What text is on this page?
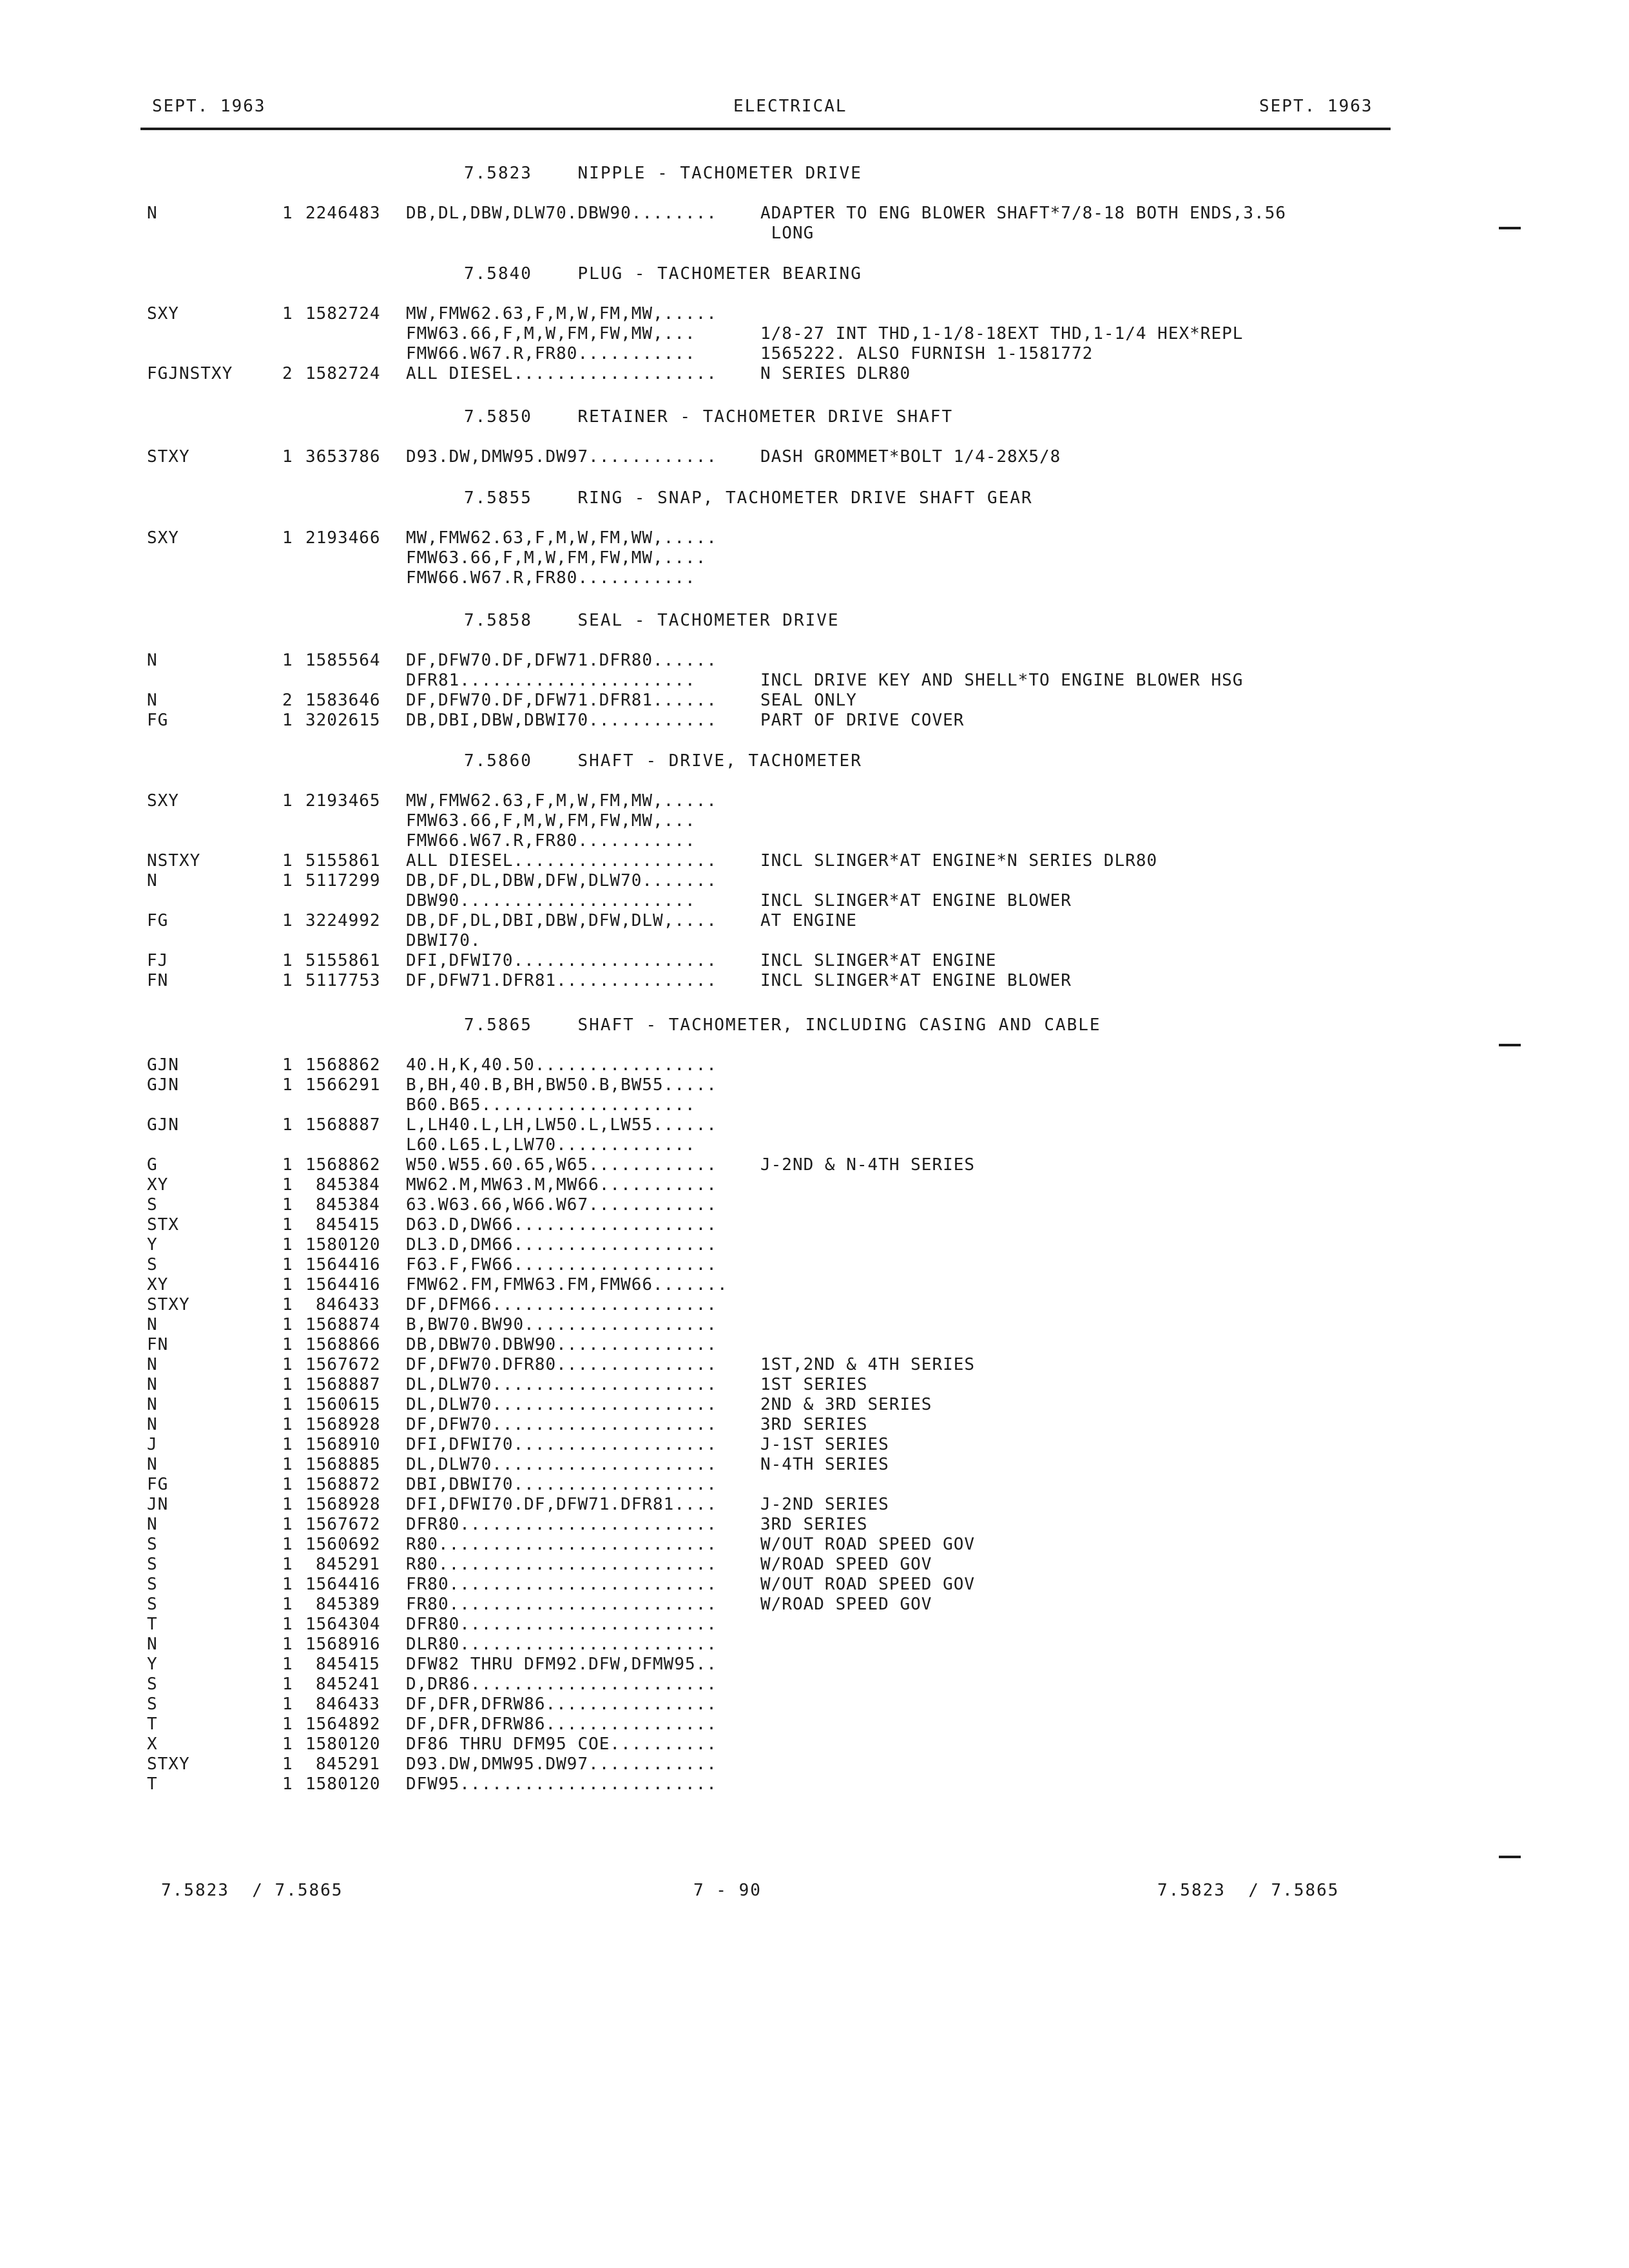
SEPT. 1963	ELECTRICAL	SEPT. 1963
7.5823    NIPPLE - TACHOMETER DRIVE
N	1 2246483 DB,DL,DBW,DLW70.DBW90........	ADAPTER TO ENG BLOWER SHAFT*7/8-18 BOTH ENDS,3.56
LONG
7.5840    PLUG - TACHOMETER BEARING
SXY	1 1582724 MW,FMW62.63,F,M,W,FM,MW,.....
FMW63.66,F,M,W,FM,FW,MW,...	1/8-27 INT THD,1-1/8-18EXT THD,1-1/4 HEX*REPL
FMW66.W67.R,FR80...........	1565222. ALSO FURNISH 1-1581772
FGJNSTXY	2 1582724 ALL DIESEL...................	N SERIES DLR80
7.5850    RETAINER - TACHOMETER DRIVE SHAFT
STXY	1 3653786 D93.DW,DMW95.DW97............	DASH GROMMET*BOLT 1/4-28X5/8
7.5855    RING - SNAP, TACHOMETER DRIVE SHAFT GEAR
SXY	1 2193466 MW,FMW62.63,F,M,W,FM,WW,.....
FMW63.66,F,M,W,FM,FW,MW,....
FMW66.W67.R,FR80...........
7.5858    SEAL - TACHOMETER DRIVE
N	1 1585564 DF,DFW70.DF,DFW71.DFR80......
DFR81......................	INCL DRIVE KEY AND SHELL*TO ENGINE BLOWER HSG
N	2 1583646 DF,DFW70.DF,DFW71.DFR81......	SEAL ONLY
FG	1 3202615 DB,DBI,DBW,DBWI70............	PART OF DRIVE COVER
7.5860    SHAFT - DRIVE, TACHOMETER
SXY	1 2193465 MW,FMW62.63,F,M,W,FM,MW,.....
FMW63.66,F,M,W,FM,FW,MW,...
FMW66.W67.R,FR80...........
NSTXY	1 5155861 ALL DIESEL...................	INCL SLINGER*AT ENGINE*N SERIES DLR80
N	1 5117299 DB,DF,DL,DBW,DFW,DLW70.......
DBW90......................	INCL SLINGER*AT ENGINE BLOWER
FG	1 3224992 DB,DF,DL,DBI,DBW,DFW,DLW,....	AT ENGINE
DBWI70.
FJ	1 5155861 DFI,DFWI70...................	INCL SLINGER*AT ENGINE
FN	1 5117753 DF,DFW71.DFR81...............	INCL SLINGER*AT ENGINE BLOWER
7.5865    SHAFT - TACHOMETER, INCLUDING CASING AND CABLE
GJN	1 1568862 40.H,K,40.50.................
GJN	1 1566291 B,BH,40.B,BH,BW50.B,BW55.....
B60.B65....................
GJN	1 1568887 L,LH40.L,LH,LW50.L,LW55......
L60.L65.L,LW70.............
G	1 1568862 W50.W55.60.65,W65............	J-2ND & N-4TH SERIES
XY	1 845384 MW62.M,MW63.M,MW66...........
S	1 845384 63.W63.66,W66.W67............
STX	1 845415 D63.D,DW66...................
Y	1 1580120 DL3.D,DM66...................
S	1 1564416 F63.F,FW66...................
XY	1 1564416 FMW62.FM,FMW63.FM,FMW66.......
STXY	1 846433 DF,DFM66.....................
N	1 1568874 B,BW70.BW90..................
FN	1 1568866 DB,DBW70.DBW90...............
N	1 1567672 DF,DFW70.DFR80...............	1ST,2ND & 4TH SERIES
N	1 1568887 DL,DLW70.....................	1ST SERIES
N	1 1560615 DL,DLW70.....................	2ND & 3RD SERIES
N	1 1568928 DF,DFW70.....................	3RD SERIES
J	1 1568910 DFI,DFWI70...................	J-1ST SERIES
N	1 1568885 DL,DLW70.....................	N-4TH SERIES
FG	1 1568872 DBI,DBWI70...................
JN	1 1568928 DFI,DFWI70.DF,DFW71.DFR81....	J-2ND SERIES
N	1 1567672 DFR80........................	3RD SERIES
S	1 1560692 R80..........................	W/OUT ROAD SPEED GOV
S	1 845291 R80..........................	W/ROAD SPEED GOV
S	1 1564416 FR80.........................	W/OUT ROAD SPEED GOV
S	1 845389 FR80.........................	W/ROAD SPEED GOV
T	1 1564304 DFR80........................
N	1 1568916 DLR80........................
Y	1 845415 DFW82 THRU DFM92.DFW,DFMW95..
S	1 845241 D,DR86.......................
S	1 846433 DF,DFR,DFRW86................
T	1 1564892 DF,DFR,DFRW86................
X	1 1580120 DF86 THRU DFM95 COE..........
STXY	1 845291 D93.DW,DMW95.DW97............
T	1 1580120 DFW95........................
7.5823  / 7.5865	7 - 90	7.5823  / 7.5865
